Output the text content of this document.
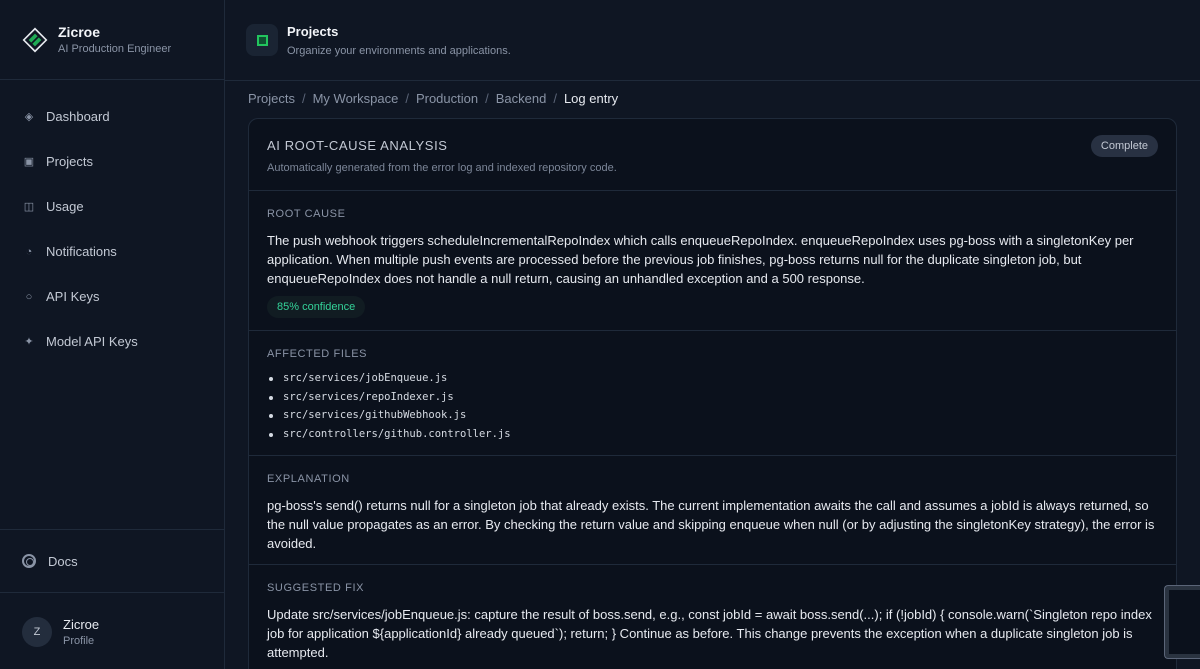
Zicroe
AI Production Engineer
◈ Dashboard
▣ Projects
◫ Usage
◔ Notifications
○ API Keys
✦ Model API Keys
Docs
Z	Zicroe
Profile
Projects
Organize your environments and applications.
Projects / My Workspace / Production / Backend / Log entry
AI ROOT-CAUSE ANALYSIS
Automatically generated from the error log and indexed repository code.
Complete
ROOT CAUSE

The push webhook triggers scheduleIncrementalRepoIndex which calls enqueueRepoIndex. enqueueRepoIndex uses pg-boss with a singletonKey per application. When multiple push events are processed before the previous job finishes, pg-boss returns null for the duplicate singleton job, but enqueueRepoIndex does not handle a null return, causing an unhandled exception and a 500 response.

85% confidence
AFFECTED FILES
src/services/jobEnqueue.js
src/services/repoIndexer.js
src/services/githubWebhook.js
src/controllers/github.controller.js
EXPLANATION

pg-boss's send() returns null for a singleton job that already exists. The current implementation awaits the call and assumes a jobId is always returned, so the null value propagates as an error. By checking the return value and skipping enqueue when null (or by adjusting the singletonKey strategy), the error is avoided.

SUGGESTED FIX

Update src/services/jobEnqueue.js: capture the result of boss.send, e.g., const jobId = await boss.send(...); if (!jobId) { console.warn(`Singleton repo index job for application ${applicationId} already queued`); return; } Continue as before. This change prevents the exception when a duplicate singleton job is attempted.
